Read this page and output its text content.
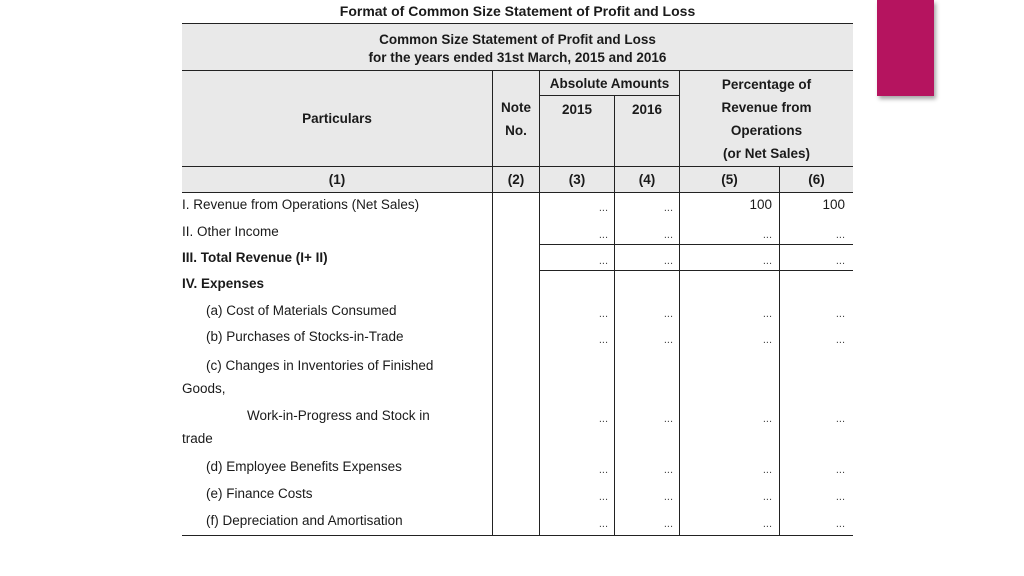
Format of Common Size Statement of Profit and Loss
Common Size Statement of Profit and Loss
for the years ended 31st March, 2015 and 2016
Particulars
Note
No.
Absolute Amounts
2015	2016
Percentage of
Revenue from
Operations
(or Net Sales)
(1)	(2)	(3)	(4)	(5)	(6)
I. Revenue from Operations (Net Sales)	...	...	100	100
II. Other Income	...	...	...	...
III. Total Revenue (I+ II)	...	...	...	...
IV. Expenses
(a) Cost of Materials Consumed	...	...	...	...
(b) Purchases of Stocks-in-Trade	...	...	...	...
(c) Changes in Inventories of Finished
Goods,
Work-in-Progress and Stock in
trade
...	...	...	...
(d) Employee Benefits Expenses	...	...	...	...
(e) Finance Costs	...	...	...	...
(f) Depreciation and Amortisation	...	...	...	...
